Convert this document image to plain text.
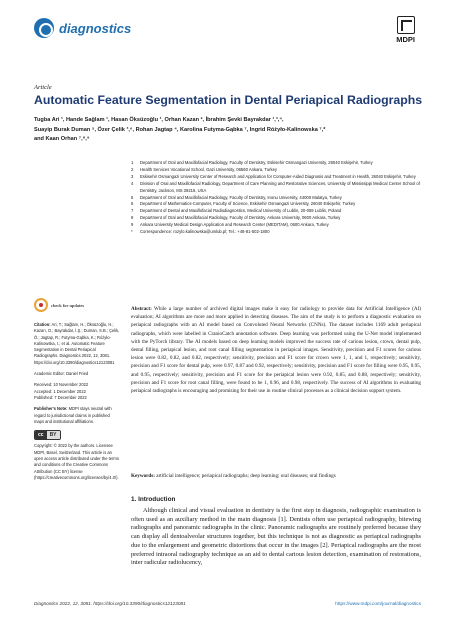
diagnostics
MDPI
Article
Automatic Feature Segmentation in Dental Periapical Radiographs
Tugba Ari ¹, Hande Sağlam ¹, Hasan Öksüzoğlu ¹, Orhan Kazan ², İbrahim Şevki Bayrakdar ¹,³,⁴,
Suayip Burak Duman ⁵, Özer Çelik ³,⁶, Rohan Jagtap ⁴, Karolina Futyma-Gąbka ⁷, Ingrid Różyło-Kalinowska ⁷,*
and Kaan Orhan ⁷,⁸,⁹
1	Department of Oral and Maxillofacial Radiology, Faculty of Dentistry, Eskisehir Osmangazi University, 26040 Eskişehir, Turkey
2	Health Services Vocational School, Gazi University, 06560 Ankara, Turkey
3	Eskisehir Osmangazi University Center of Research and Application for Computer-Aided Diagnosis and Treatment in Health, 26040 Eskişehir, Turkey
4	Division of Oral and Maxillofacial Radiology, Department of Care Planning and Restorative Sciences, University of Mississippi Medical Center School of Dentistry, Jackson, MS 39216, USA
5	Department of Oral and Maxillofacial Radiology, Faculty of Dentistry, Inonu University, 44000 Malatya, Turkey
6	Department of Mathematics-Computer, Faculty of Science, Eskisehir Osmangazi University, 26040 Eskişehir, Turkey
7	Department of Dental and Maxillofacial Radiodiagnostics, Medical University of Lublin, 20-059 Lublin, Poland
8	Department of Oral and Maxillofacial Radiology, Faculty of Dentistry, Ankara University, 0600 Ankara, Turkey
9	Ankara University Medical Design Application and Research Center (MEDITAM), 0600 Ankara, Turkey
*	Correspondence: rozylo.kalinowska@umlub.pl; Tel.: +48-81-502-1800
check for updates
Citation: Ari, T.; Sağlam, H.; Öksüzoğlu, H.; Kazan, O.; Bayrakdar, İ.Ş.; Duman, S.B.; Çelik, Ö.; Jagtap, R.; Futyma-Gąbka, K.; Różyło-Kalinowska, I.; et al. Automatic Feature Segmentation in Dental Periapical Radiographs. Diagnostics 2022, 12, 3081. https://doi.org/10.3390/diagnostics12123081
Academic Editor: Daniel Fried
Received: 10 November 2022
Accepted: 1 December 2022
Published: 7 December 2022
Publisher's Note: MDPI stays neutral with regard to jurisdictional claims in published maps and institutional affiliations.
cc	BY
Copyright: © 2022 by the authors. Licensee MDPI, Basel, Switzerland. This article is an open access article distributed under the terms and conditions of the Creative Commons Attribution (CC BY) license (https://creativecommons.org/licenses/by/4.0/).
Abstract: While a large number of archived digital images make it easy for radiology to provide data for Artificial Intelligence (AI) evaluation; AI algorithms are more and more applied in detecting diseases. The aim of the study is to perform a diagnostic evaluation on periapical radiographs with an AI model based on Convoluted Neural Networks (CNNs). The dataset includes 1169 adult periapical radiographs, which were labelled in CranioCatch annotation software. Deep learning was performed using the U-Net model implemented with the PyTorch library. The AI models based on deep learning models improved the success rate of carious lesion, crown, dental pulp, dental filling, periapical lesion, and root canal filling segmentation in periapical images. Sensitivity, precision and F1 scores for carious lesion were 0.82, 0.82, and 0.82, respectively; sensitivity, precision and F1 score for crown were 1, 1, and 1, respectively; sensitivity, precision and F1 score for dental pulp, were 0.97, 0.87 and 0.92, respectively; sensitivity, precision and F1 score for filling were 0.95, 0.95, and 0.95, respectively; sensitivity, precision and F1 score for the periapical lesion were 0.92, 0.85, and 0.88, respectively; sensitivity, precision and F1 score for root canal filling, were found to be 1, 0.96, and 0.98, respectively. The success of AI algorithms in evaluating periapical radiographs is encouraging and promising for their use in routine clinical processes as a clinical decision support system.
Keywords: artificial intelligence; periapical radiographs; deep learning; oral diseases; oral findings
1. Introduction
Although clinical and visual evaluation in dentistry is the first step in diagnosis, radiographic examination is often used as an auxiliary method in the main diagnosis [1]. Dentists often use periapical radiography, bitewing radiographs and panoramic radiographs in the clinic. Panoramic radiographs are routinely preferred because they can display all dentoalveolar structures together, but this technique is not as diagnostic as periapical radiographs due to the enlargement and geometric distortions that occur in the images [2]. Periapical radiographs are the most preferred intraoral radiography technique as an aid to dental carious lesion detection, examination of restorations, inter radicular radiolucency,
Diagnostics 2022, 12, 3081. https://doi.org/10.3390/diagnostics12123081	https://www.mdpi.com/journal/diagnostics
